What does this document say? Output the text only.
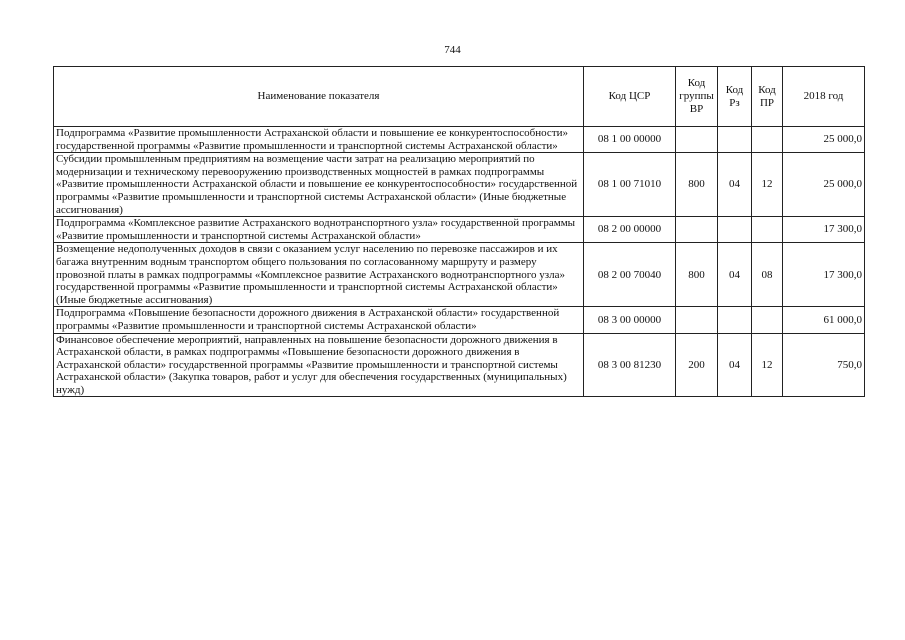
744
Наименование показателя	Код ЦСР	Код группы ВР	Код Рз	Код ПР	2018 год
Подпрограмма «Развитие промышленности Астраханской области и повышение ее конкурентоспособности» государственной программы «Развитие промышленности и транспортной системы Астраханской области»	08 1 00 00000				25 000,0
Субсидии промышленным предприятиям на возмещение части затрат на реализацию мероприятий по модернизации и техническому перевооружению производственных мощностей в рамках подпрограммы «Развитие промышленности Астраханской области и повышение ее конкурентоспособности» государственной программы «Развитие промышленности и транспортной системы Астраханской области» (Иные бюджетные ассигнования)	08 1 00 71010	800	04	12	25 000,0
Подпрограмма «Комплексное развитие Астраханского воднотранспортного узла» государственной программы «Развитие промышленности и транспортной системы Астраханской области»	08 2 00 00000				17 300,0
Возмещение недополученных доходов в связи с оказанием услуг населению по перевозке пассажиров и их багажа внутренним водным транспортом общего пользования по согласованному маршруту и размеру провозной платы в рамках подпрограммы «Комплексное развитие Астраханского воднотранспортного узла» государственной программы «Развитие промышленности и транспортной системы Астраханской области» (Иные бюджетные ассигнования)	08 2 00 70040	800	04	08	17 300,0
Подпрограмма «Повышение безопасности дорожного движения в Астраханской области» государственной программы «Развитие промышленности и транспортной системы Астраханской области»	08 3 00 00000				61 000,0
Финансовое обеспечение мероприятий, направленных на повышение безопасности дорожного движения в Астраханской области, в рамках подпрограммы «Повышение безопасности дорожного движения в Астраханской области» государственной программы «Развитие промышленности и транспортной системы Астраханской области» (Закупка товаров, работ и услуг для обеспечения государственных (муниципальных) нужд)	08 3 00 81230	200	04	12	750,0
